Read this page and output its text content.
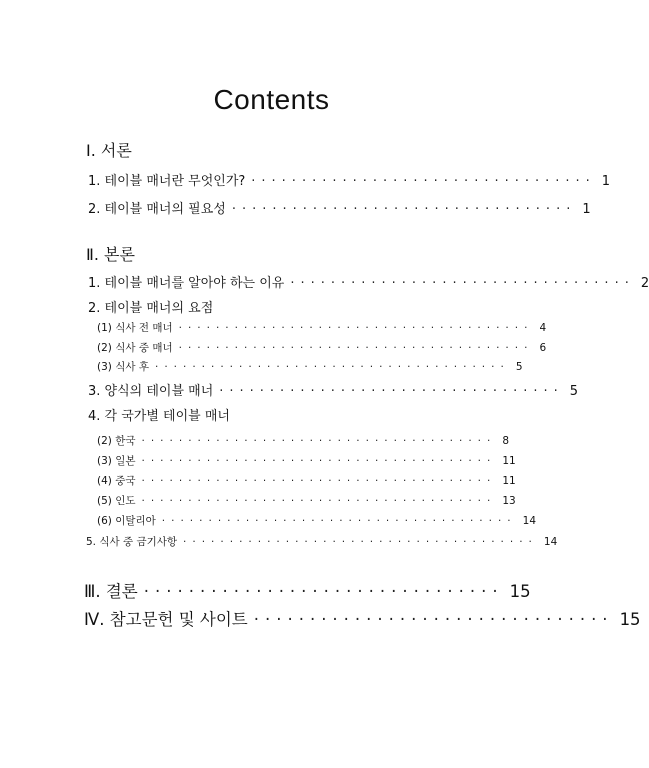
Contents
Ⅰ. 서론
1. 테이블 매너란 무엇인가? ·································· 1
2. 테이블 매너의 필요성 ·································· 1
Ⅱ. 본론
1. 테이블 매너를 알아야 하는 이유 ·································· 2
2. 테이블 매너의 요점
(1) 식사 전 매너 ······································ 4
(2) 식사 중 매너 ······································ 6
(3) 식사 후 ······································ 5
3. 양식의 테이블 매너 ·································· 5
4. 각 국가별 테이블 매너
(2) 한국 ······································ 8
(3) 일본 ······································ 11
(4) 중국 ······································ 11
(5) 인도 ······································ 13
(6) 이탈리아 ······································ 14
5. 식사 중 금기사항 ······································ 14
Ⅲ. 결론 ································ 15
Ⅳ. 참고문헌 및 사이트 ································ 15
